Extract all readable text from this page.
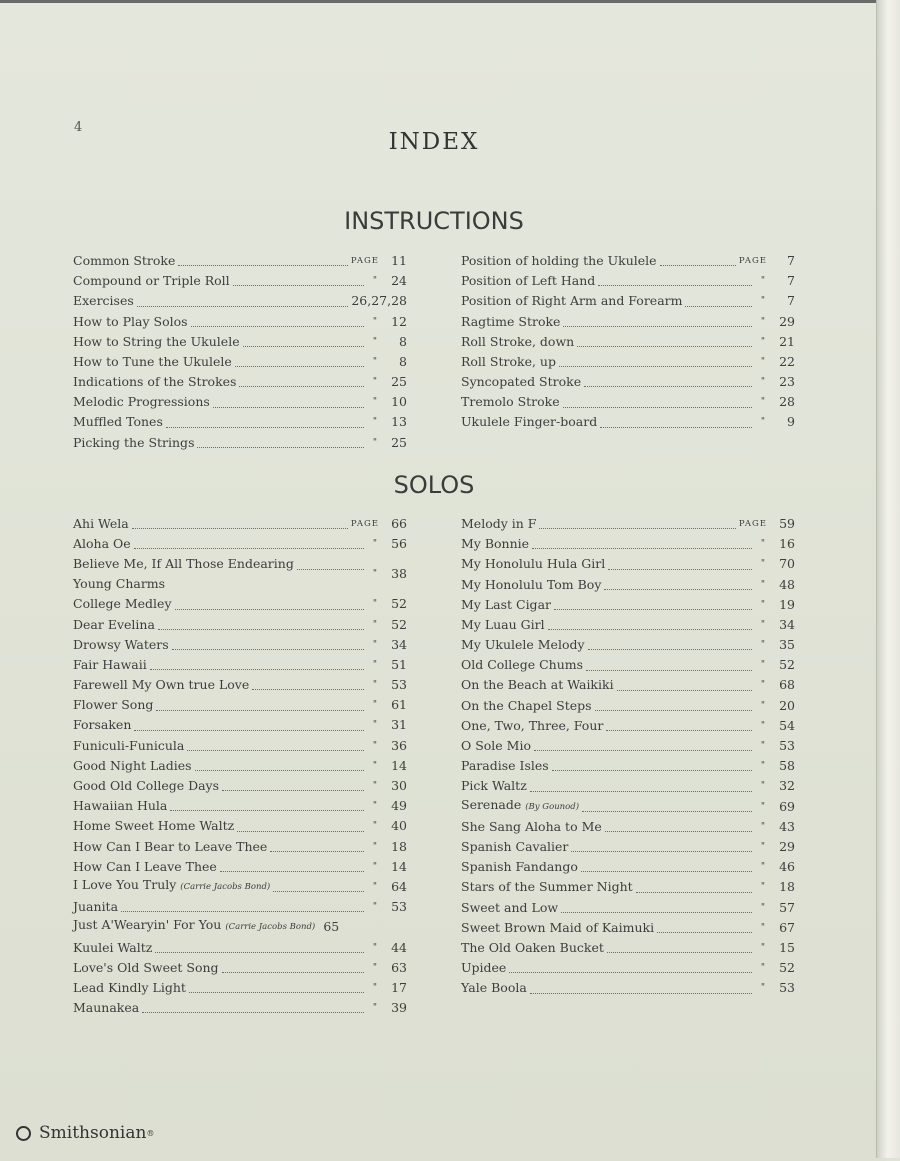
4
INDEX
INSTRUCTIONS
Common Stroke	PAGE 11
Compound or Triple Roll	"	24
Exercises	26,27,28
How to Play Solos	"	12
How to String the Ukulele	"	8
How to Tune the Ukulele	"	8
Indications of the Strokes	"	25
Melodic Progressions	"	10
Muffled Tones	"	13
Picking the Strings	"	25
Position of holding the Ukulele	PAGE	7
Position of Left Hand	"	7
Position of Right Arm and Forearm	"	7
Ragtime Stroke	"	29
Roll Stroke, down	"	21
Roll Stroke, up	"	22
Syncopated Stroke	"	23
Tremolo Stroke	"	28
Ukulele Finger-board	"	9
SOLOS
Ahi Wela	PAGE 66
Aloha Oe	"	56
Believe Me, If All Those Endearing
Young Charms
"	38
College Medley	"	52
Dear Evelina	"	52
Drowsy Waters	"	34
Fair Hawaii	"	51
Farewell My Own true Love	"	53
Flower Song	"	61
Forsaken	"	31
Funiculi-Funicula	"	36
Good Night Ladies	"	14
Good Old College Days	"	30
Hawaiian Hula	"	49
Home Sweet Home Waltz	"	40
How Can I Bear to Leave Thee	"	18
How Can I Leave Thee	"	14
I Love You Truly (Carrie Jacobs Bond)	"	64
Juanita	"	53
Just A'Wearyin' For You (Carrie Jacobs Bond) 65
Kuulei Waltz	"	44
Love's Old Sweet Song	"	63
Lead Kindly Light	"	17
Maunakea	"	39
Melody in F	PAGE 59
My Bonnie	"	16
My Honolulu Hula Girl	"	70
My Honolulu Tom Boy	"	48
My Last Cigar	"	19
My Luau Girl	"	34
My Ukulele Melody	"	35
Old College Chums	"	52
On the Beach at Waikiki	"	68
On the Chapel Steps	"	20
One, Two, Three, Four	"	54
O Sole Mio	"	53
Paradise Isles	"	58
Pick Waltz	"	32
Serenade (By Gounod)	"	69
She Sang Aloha to Me	"	43
Spanish Cavalier	"	29
Spanish Fandango	"	46
Stars of the Summer Night	"	18
Sweet and Low	"	57
Sweet Brown Maid of Kaimuki	"	67
The Old Oaken Bucket	"	15
Upidee	"	52
Yale Boola	"	53
Smithsonian ®
